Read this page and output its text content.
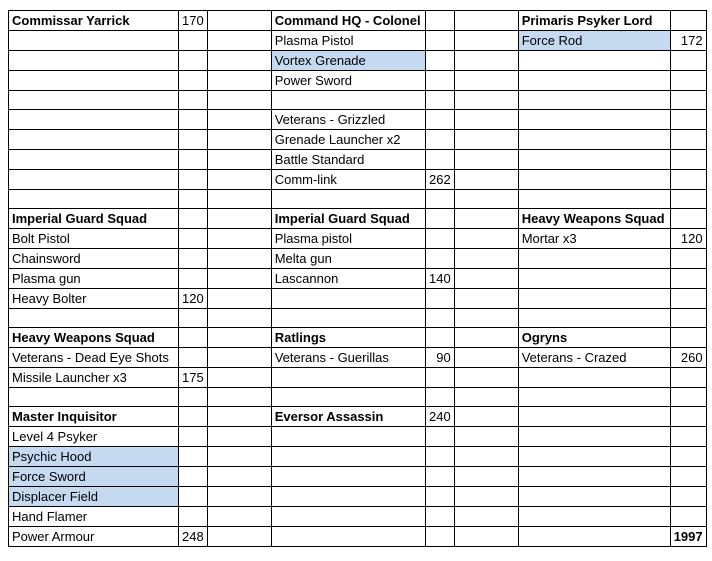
Commissar Yarrick	170		Command HQ - Colonel			Primaris Psyker Lord	
			Plasma Pistol			Force Rod	172
			Vortex Grenade				
			Power Sword				

			Veterans - Grizzled				
			Grenade Launcher x2				
			Battle Standard				
			Comm-link	262			

Imperial Guard Squad			Imperial Guard Squad			Heavy Weapons Squad	
Bolt Pistol			Plasma pistol			Mortar x3	120
Chainsword			Melta gun				
Plasma gun			Lascannon	140			
Heavy Bolter	120						

Heavy Weapons Squad			Ratlings			Ogryns	
Veterans - Dead Eye Shots			Veterans - Guerillas	90		Veterans - Crazed	260
Missile Launcher x3	175						

Master Inquisitor			Eversor Assassin	240			
Level 4 Psyker							
Psychic Hood							
Force Sword							
Displacer Field							
Hand Flamer							
Power Armour	248						1997
